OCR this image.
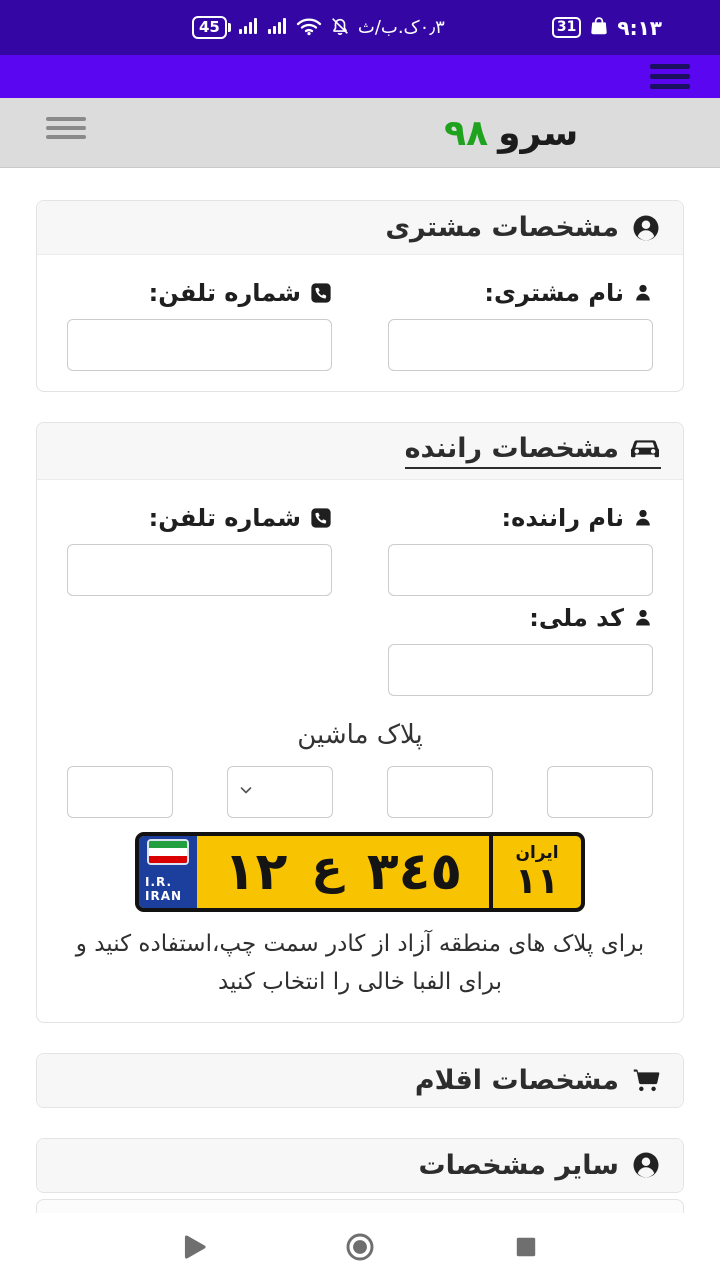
45	۰٫۳ک.ب/ث	31 ۹:۱۳
سرو
۹۸
مشخصات مشتری
نام مشتری:
شماره تلفن:
مشخصات راننده
نام راننده:
شماره تلفن:
کد ملی:
پلاک ماشین
I.R.
IRAN ١٢ ع ٣٤٥	ایران
١١
برای پلاک های منطقه آزاد از کادر سمت چپ،استفاده کنید و برای الفبا خالی را انتخاب کنید
مشخصات اقلام
سایر مشخصات
